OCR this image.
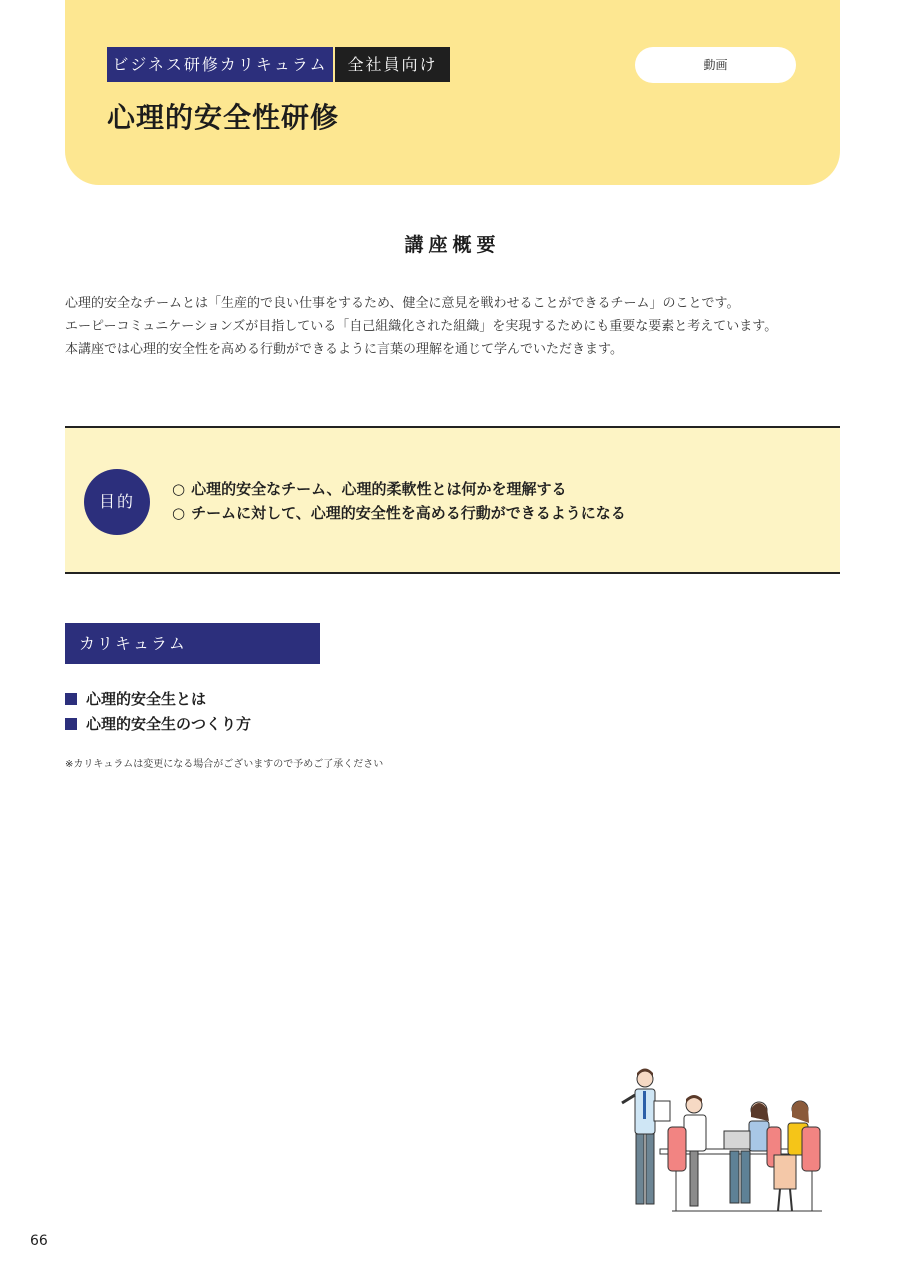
ビジネス研修カリキュラム	全社員向け	動画
心理的安全性研修
講座概要

心理的安全なチームとは「生産的で良い仕事をするため、健全に意見を戦わせることができるチーム」のことです。

エーピーコミュニケーションズが目指している「自己組織化された組織」を実現するためにも重要な要素と考えています。

本講座では心理的安全性を高める行動ができるように言葉の理解を通じて学んでいただきます。

目的
○ 心理的安全なチーム、心理的柔軟性とは何かを理解する
○ チームに対して、心理的安全性を高める行動ができるようになる
カリキュラム
心理的安全生とは
心理的安全生のつくり方
※カリキュラムは変更になる場合がございますので予めご了承ください
66
